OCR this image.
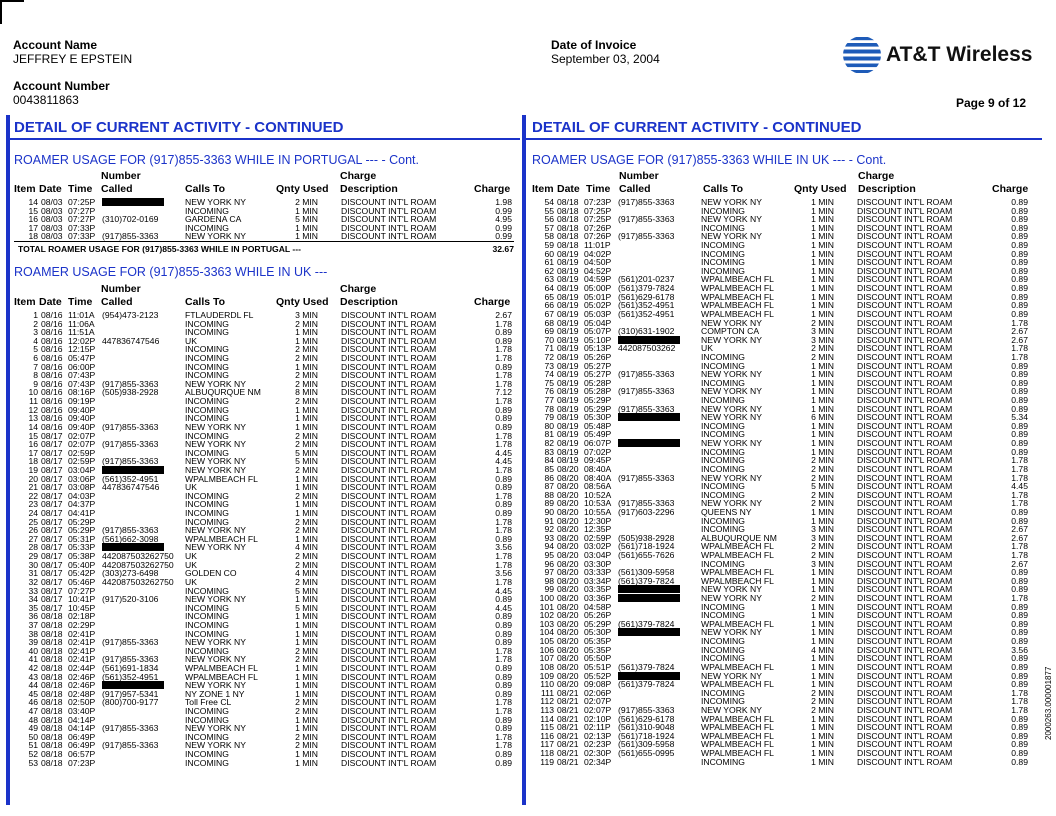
Account Name
JEFFREY E EPSTEIN
Account Number
0043811863
Date of Invoice
September 03, 2004	AT&T Wireless
Page 9 of 12
DETAIL OF CURRENT ACTIVITY - CONTINUED	DETAIL OF CURRENT ACTIVITY - CONTINUED
ROAMER USAGE FOR (917)855-3363 WHILE IN PORTUGAL --- - Cont.
Number	Charge
Item Date Time Called	Calls To	Qnty Used Description	Charge
14 08/03 07:25P	NEW YORK NY	2 MIN	DISCOUNT INT'L ROAM	1.98
15 08/03 07:27P	INCOMING	1 MIN	DISCOUNT INT'L ROAM	0.99
16 08/03 07:27P (310)702-0169	GARDENA CA	5 MIN	DISCOUNT INT'L ROAM	4.95
17 08/03 07:33P	INCOMING	1 MIN	DISCOUNT INT'L ROAM	0.99
18 08/03 07:33P (917)855-3363	NEW YORK NY	1 MIN	DISCOUNT INT'L ROAM	0.99
TOTAL ROAMER USAGE FOR (917)855-3363 WHILE IN PORTUGAL ---	32.67
ROAMER USAGE FOR (917)855-3363 WHILE IN UK ---
Number	Charge
Item Date Time Called	Calls To	Qnty Used Description	Charge
1 08/16 11:01A (954)473-2123	FTLAUDERDL FL	3 MIN	DISCOUNT INT'L ROAM	2.67
2 08/16 11:06A	INCOMING	2 MIN	DISCOUNT INT'L ROAM	1.78
3 08/16 11:51A	INCOMING	1 MIN	DISCOUNT INT'L ROAM	0.89
4 08/16 12:02P 447836747546	UK	1 MIN	DISCOUNT INT'L ROAM	0.89
5 08/16 12:15P	INCOMING	2 MIN	DISCOUNT INT'L ROAM	1.78
6 08/16 05:47P	INCOMING	2 MIN	DISCOUNT INT'L ROAM	1.78
7 08/16 06:00P	INCOMING	1 MIN	DISCOUNT INT'L ROAM	0.89
8 08/16 07:43P	INCOMING	2 MIN	DISCOUNT INT'L ROAM	1.78
9 08/16 07:43P (917)855-3363	NEW YORK NY	2 MIN	DISCOUNT INT'L ROAM	1.78
10 08/16 08:16P (505)938-2928	ALBUQURQUE NM	8 MIN	DISCOUNT INT'L ROAM	7.12
11 08/16 09:19P	INCOMING	2 MIN	DISCOUNT INT'L ROAM	1.78
12 08/16 09:40P	INCOMING	1 MIN	DISCOUNT INT'L ROAM	0.89
13 08/16 09:40P	INCOMING	1 MIN	DISCOUNT INT'L ROAM	0.89
14 08/16 09:40P (917)855-3363	NEW YORK NY	1 MIN	DISCOUNT INT'L ROAM	0.89
15 08/17 02:07P	INCOMING	2 MIN	DISCOUNT INT'L ROAM	1.78
16 08/17 02:07P (917)855-3363	NEW YORK NY	2 MIN	DISCOUNT INT'L ROAM	1.78
17 08/17 02:59P	INCOMING	5 MIN	DISCOUNT INT'L ROAM	4.45
18 08/17 02:59P (917)855-3363	NEW YORK NY	5 MIN	DISCOUNT INT'L ROAM	4.45
19 08/17 03:04P	NEW YORK NY	2 MIN	DISCOUNT INT'L ROAM	1.78
20 08/17 03:06P (561)352-4951	WPALMBEACH FL	1 MIN	DISCOUNT INT'L ROAM	0.89
21 08/17 03:08P 447836747546	UK	1 MIN	DISCOUNT INT'L ROAM	0.89
22 08/17 04:03P	INCOMING	2 MIN	DISCOUNT INT'L ROAM	1.78
23 08/17 04:37P	INCOMING	1 MIN	DISCOUNT INT'L ROAM	0.89
24 08/17 04:41P	INCOMING	1 MIN	DISCOUNT INT'L ROAM	0.89
25 08/17 05:29P	INCOMING	2 MIN	DISCOUNT INT'L ROAM	1.78
26 08/17 05:29P (917)855-3363	NEW YORK NY	2 MIN	DISCOUNT INT'L ROAM	1.78
27 08/17 05:31P (561)662-3098	WPALMBEACH FL	1 MIN	DISCOUNT INT'L ROAM	0.89
28 08/17 05:33P	NEW YORK NY	4 MIN	DISCOUNT INT'L ROAM	3.56
29 08/17 05:38P 442087503262750 UK	2 MIN	DISCOUNT INT'L ROAM	1.78
30 08/17 05:40P 442087503262750 UK	2 MIN	DISCOUNT INT'L ROAM	1.78
31 08/17 05:42P (303)273-6498	GOLDEN CO	4 MIN	DISCOUNT INT'L ROAM	3.56
32 08/17 05:46P 442087503262750 UK	2 MIN	DISCOUNT INT'L ROAM	1.78
33 08/17 07:27P	INCOMING	5 MIN	DISCOUNT INT'L ROAM	4.45
34 08/17 10:41P (917)520-3106	NEW YORK NY	1 MIN	DISCOUNT INT'L ROAM	0.89
35 08/17 10:45P	INCOMING	5 MIN	DISCOUNT INT'L ROAM	4.45
36 08/18 02:18P	INCOMING	1 MIN	DISCOUNT INT'L ROAM	0.89
37 08/18 02:29P	INCOMING	1 MIN	DISCOUNT INT'L ROAM	0.89
38 08/18 02:41P	INCOMING	1 MIN	DISCOUNT INT'L ROAM	0.89
39 08/18 02:41P (917)855-3363	NEW YORK NY	1 MIN	DISCOUNT INT'L ROAM	0.89
40 08/18 02:41P	INCOMING	2 MIN	DISCOUNT INT'L ROAM	1.78
41 08/18 02:41P (917)855-3363	NEW YORK NY	2 MIN	DISCOUNT INT'L ROAM	1.78
42 08/18 02:44P (561)691-1834	WPALMBEACH FL	1 MIN	DISCOUNT INT'L ROAM	0.89
43 08/18 02:46P (561)352-4951	WPALMBEACH FL	1 MIN	DISCOUNT INT'L ROAM	0.89
44 08/18 02:46P	NEW YORK NY	1 MIN	DISCOUNT INT'L ROAM	0.89
45 08/18 02:48P (917)957-5341	NY ZONE 1 NY	1 MIN	DISCOUNT INT'L ROAM	0.89
46 08/18 02:50P (800)700-9177	Toll Free CL	2 MIN	DISCOUNT INT'L ROAM	1.78
47 08/18 03:40P	INCOMING	2 MIN	DISCOUNT INT'L ROAM	1.78
48 08/18 04:14P	INCOMING	1 MIN	DISCOUNT INT'L ROAM	0.89
49 08/18 04:14P (917)855-3363	NEW YORK NY	1 MIN	DISCOUNT INT'L ROAM	0.89
50 08/18 06:49P	INCOMING	2 MIN	DISCOUNT INT'L ROAM	1.78
51 08/18 06:49P (917)855-3363	NEW YORK NY	2 MIN	DISCOUNT INT'L ROAM	1.78
52 08/18 06:57P	INCOMING	1 MIN	DISCOUNT INT'L ROAM	0.89
53 08/18 07:23P	INCOMING	1 MIN	DISCOUNT INT'L ROAM	0.89
ROAMER USAGE FOR (917)855-3363 WHILE IN UK --- - Cont.
Number	Charge
Item Date Time Called	Calls To	Qnty Used Description	Charge
54 08/18 07:23P (917)855-3363	NEW YORK NY	1 MIN	DISCOUNT INT'L ROAM	0.89
55 08/18 07:25P	INCOMING	1 MIN	DISCOUNT INT'L ROAM	0.89
56 08/18 07:25P (917)855-3363	NEW YORK NY	1 MIN	DISCOUNT INT'L ROAM	0.89
57 08/18 07:26P	INCOMING	1 MIN	DISCOUNT INT'L ROAM	0.89
58 08/18 07:26P (917)855-3363	NEW YORK NY	1 MIN	DISCOUNT INT'L ROAM	0.89
59 08/18 11:01P	INCOMING	1 MIN	DISCOUNT INT'L ROAM	0.89
60 08/19 04:02P	INCOMING	1 MIN	DISCOUNT INT'L ROAM	0.89
61 08/19 04:50P	INCOMING	1 MIN	DISCOUNT INT'L ROAM	0.89
62 08/19 04:52P	INCOMING	1 MIN	DISCOUNT INT'L ROAM	0.89
63 08/19 04:59P (561)201-0237	WPALMBEACH FL	1 MIN	DISCOUNT INT'L ROAM	0.89
64 08/19 05:00P (561)379-7824	WPALMBEACH FL	1 MIN	DISCOUNT INT'L ROAM	0.89
65 08/19 05:01P (561)629-6178	WPALMBEACH FL	1 MIN	DISCOUNT INT'L ROAM	0.89
66 08/19 05:02P (561)352-4951	WPALMBEACH FL	1 MIN	DISCOUNT INT'L ROAM	0.89
67 08/19 05:03P (561)352-4951	WPALMBEACH FL	1 MIN	DISCOUNT INT'L ROAM	0.89
68 08/19 05:04P	NEW YORK NY	2 MIN	DISCOUNT INT'L ROAM	1.78
69 08/19 05:07P (310)631-1902	COMPTON CA	3 MIN	DISCOUNT INT'L ROAM	2.67
70 08/19 05:10P	NEW YORK NY	3 MIN	DISCOUNT INT'L ROAM	2.67
71 08/19 05:13P 442087503262	UK	2 MIN	DISCOUNT INT'L ROAM	1.78
72 08/19 05:26P	INCOMING	2 MIN	DISCOUNT INT'L ROAM	1.78
73 08/19 05:27P	INCOMING	1 MIN	DISCOUNT INT'L ROAM	0.89
74 08/19 05:27P (917)855-3363	NEW YORK NY	1 MIN	DISCOUNT INT'L ROAM	0.89
75 08/19 05:28P	INCOMING	1 MIN	DISCOUNT INT'L ROAM	0.89
76 08/19 05:28P (917)855-3363	NEW YORK NY	1 MIN	DISCOUNT INT'L ROAM	0.89
77 08/19 05:29P	INCOMING	1 MIN	DISCOUNT INT'L ROAM	0.89
78 08/19 05:29P (917)855-3363	NEW YORK NY	1 MIN	DISCOUNT INT'L ROAM	0.89
79 08/19 05:30P	NEW YORK NY	6 MIN	DISCOUNT INT'L ROAM	5.34
80 08/19 05:48P	INCOMING	1 MIN	DISCOUNT INT'L ROAM	0.89
81 08/19 05:49P	INCOMING	1 MIN	DISCOUNT INT'L ROAM	0.89
82 08/19 06:07P	NEW YORK NY	1 MIN	DISCOUNT INT'L ROAM	0.89
83 08/19 07:02P	INCOMING	1 MIN	DISCOUNT INT'L ROAM	0.89
84 08/19 09:45P	INCOMING	2 MIN	DISCOUNT INT'L ROAM	1.78
85 08/20 08:40A	INCOMING	2 MIN	DISCOUNT INT'L ROAM	1.78
86 08/20 08:40A (917)855-3363	NEW YORK NY	2 MIN	DISCOUNT INT'L ROAM	1.78
87 08/20 08:56A	INCOMING	5 MIN	DISCOUNT INT'L ROAM	4.45
88 08/20 10:52A	INCOMING	2 MIN	DISCOUNT INT'L ROAM	1.78
89 08/20 10:53A (917)855-3363	NEW YORK NY	2 MIN	DISCOUNT INT'L ROAM	1.78
90 08/20 10:55A (917)603-2296	QUEENS NY	1 MIN	DISCOUNT INT'L ROAM	0.89
91 08/20 12:30P	INCOMING	1 MIN	DISCOUNT INT'L ROAM	0.89
92 08/20 12:35P	INCOMING	3 MIN	DISCOUNT INT'L ROAM	2.67
93 08/20 02:59P (505)938-2928	ALBUQURQUE NM	3 MIN	DISCOUNT INT'L ROAM	2.67
94 08/20 03:02P (561)718-1924	WPALMBEACH FL	2 MIN	DISCOUNT INT'L ROAM	1.78
95 08/20 03:04P (561)655-7626	WPALMBEACH FL	2 MIN	DISCOUNT INT'L ROAM	1.78
96 08/20 03:30P	INCOMING	3 MIN	DISCOUNT INT'L ROAM	2.67
97 08/20 03:33P (561)309-5958	WPALMBEACH FL	1 MIN	DISCOUNT INT'L ROAM	0.89
98 08/20 03:34P (561)379-7824	WPALMBEACH FL	1 MIN	DISCOUNT INT'L ROAM	0.89
99 08/20 03:35P	NEW YORK NY	1 MIN	DISCOUNT INT'L ROAM	0.89
100 08/20 03:36P	NEW YORK NY	2 MIN	DISCOUNT INT'L ROAM	1.78
101 08/20 04:58P	INCOMING	1 MIN	DISCOUNT INT'L ROAM	0.89
102 08/20 05:26P	INCOMING	1 MIN	DISCOUNT INT'L ROAM	0.89
103 08/20 05:29P (561)379-7824	WPALMBEACH FL	1 MIN	DISCOUNT INT'L ROAM	0.89
104 08/20 05:30P	NEW YORK NY	1 MIN	DISCOUNT INT'L ROAM	0.89
105 08/20 05:35P	INCOMING	1 MIN	DISCOUNT INT'L ROAM	0.89
106 08/20 05:35P	INCOMING	4 MIN	DISCOUNT INT'L ROAM	3.56
107 08/20 05:50P	INCOMING	1 MIN	DISCOUNT INT'L ROAM	0.89
108 08/20 05:51P (561)379-7824	WPALMBEACH FL	1 MIN	DISCOUNT INT'L ROAM	0.89
109 08/20 05:52P	NEW YORK NY	1 MIN	DISCOUNT INT'L ROAM	0.89
110 08/20 09:08P (561)379-7824	WPALMBEACH FL	1 MIN	DISCOUNT INT'L ROAM	0.89
111 08/21 02:06P	INCOMING	2 MIN	DISCOUNT INT'L ROAM	1.78
112 08/21 02:07P	INCOMING	2 MIN	DISCOUNT INT'L ROAM	1.78
113 08/21 02:07P (917)855-3363	NEW YORK NY	2 MIN	DISCOUNT INT'L ROAM	1.78
114 08/21 02:10P (561)629-6178	WPALMBEACH FL	1 MIN	DISCOUNT INT'L ROAM	0.89
115 08/21 02:11P (561)310-9048	WPALMBEACH FL	1 MIN	DISCOUNT INT'L ROAM	0.89
116 08/21 02:13P (561)718-1924	WPALMBEACH FL	1 MIN	DISCOUNT INT'L ROAM	0.89
117 08/21 02:23P (561)309-5958	WPALMBEACH FL	1 MIN	DISCOUNT INT'L ROAM	0.89
118 08/21 02:30P (561)655-0995	WPALMBEACH FL	1 MIN	DISCOUNT INT'L ROAM	0.89
119 08/21 02:34P	INCOMING	1 MIN	DISCOUNT INT'L ROAM	0.89
2000263.000001877
